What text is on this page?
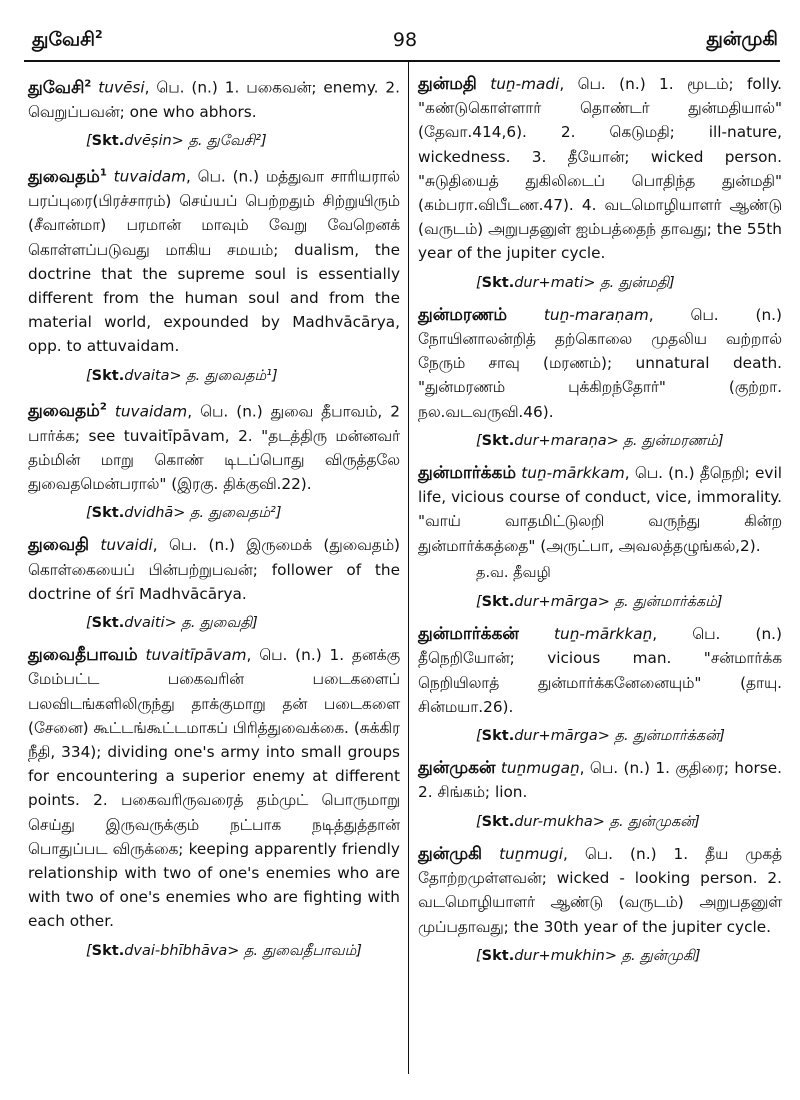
துவேசி$^2$	98	துன்முகி
துவேசி$^2$ tuvēsi, பெ. (n.) 1. பகைவன்; enemy. 2. வெறுப்பவன்; one who abhors.
[Skt.dvēṣin> த. துவேசி²]
துவைதம்$^1$ tuvaidam, பெ. (n.) மத்துவா சாரியரால் பரப்புரை(பிரச்சாரம்) செய்யப் பெற்றதும் சிற்றுயிரும் (சீவான்மா) பரமான் மாவும் வேறு வேறெனக் கொள்ளப்படுவது மாகிய சமயம்; dualism, the doctrine that the supreme soul is essentially different from the human soul and from the material world, expounded by Madhvācārya, opp. to attuvaidam.
[Skt.dvaita> த. துவைதம்¹]
துவைதம்$^2$ tuvaidam, பெ. (n.) துவை தீபாவம், 2 பார்க்க; see tuvaitīpāvam, 2. "தடத்திரு மன்னவர் தம்மின் மாறு கொண் டிடப்பொது விருத்தலே துவைதமென்பரால்" (இரகு. திக்குவி.22).
[Skt.dvidhā> த. துவைதம்²]
துவைதி tuvaidi, பெ. (n.) இருமைக் (துவைதம்) கொள்கையைப் பின்பற்றுபவன்; follower of the doctrine of śrī Madhvācārya.
[Skt.dvaiti> த. துவைதி]
துவைதீபாவம் tuvaitīpāvam, பெ. (n.) 1. தனக்கு மேம்பட்ட பகைவரின் படைகளைப் பலவிடங்களிலிருந்து தாக்குமாறு தன் படைகளை (சேனை) கூட்டங்கூட்டமாகப் பிரித்துவைக்கை. (சுக்கிர நீதி, 334); dividing one's army into small groups for encountering a superior enemy at different points. 2. பகைவரிருவரைத் தம்முட் பொருமாறு செய்து இருவருக்கும் நட்பாக நடித்துத்தான் பொதுப்பட விருக்கை; keeping apparently friendly relationship with two of one's enemies who are with two of one's enemies who are fighting with each other.
[Skt.dvai-bhībhāva> த. துவைதீபாவம்]
துன்மதி tuṉ-madi, பெ. (n.) 1. மூடம்; folly. "கண்டுகொள்ளார் தொண்டர் துன்மதியால்" (தேவா.414,6). 2. கெடுமதி; ill-nature, wickedness. 3. தீயோன்; wicked person. "சுடுதியைத் துகிலிடைப் பொதிந்த துன்மதி" (கம்பரா.விபீடண.47). 4. வடமொழியாளர் ஆண்டு (வருடம்) அறுபதனுள் ஐம்பத்தைந் தாவது; the 55th year of the jupiter cycle.
[Skt.dur+mati> த. துன்மதி]
துன்மரணம் tuṉ-maraṇam, பெ. (n.) நோயினாலன்றித் தற்கொலை முதலிய வற்றால் நேரும் சாவு (மரணம்); unnatural death. "துன்மரணம் புக்கிறந்தோர்" (குற்றா. நல.வடவருவி.46).
[Skt.dur+maraṇa> த. துன்மரணம்]
துன்மார்க்கம் tuṉ-mārkkam, பெ. (n.) தீநெறி; evil life, vicious course of conduct, vice, immorality. "வாய் வாதமிட்டுலறி வருந்து கின்ற துன்மார்க்கத்தை" (அருட்பா, அவலத்தழுங்கல்,2).
த.வ. தீவழி
[Skt.dur+mārga> த. துன்மார்க்கம்]
துன்மார்க்கன் tuṉ-mārkkaṉ, பெ. (n.) தீநெறியோன்; vicious man. "சன்மார்க்க நெறியிலாத் துன்மார்க்கனேனையும்" (தாயு. சின்மயா.26).
[Skt.dur+mārga> த. துன்மார்க்கன்]
துன்முகன் tuṉmugaṉ, பெ. (n.) 1. குதிரை; horse. 2. சிங்கம்; lion.
[Skt.dur-mukha> த. துன்முகன்]
துன்முகி tuṉmugi, பெ. (n.) 1. தீய முகத் தோற்றமுள்ளவன்; wicked - looking person. 2. வடமொழியாளர் ஆண்டு (வருடம்) அறுபதனுள் முப்பதாவது; the 30th year of the jupiter cycle.
[Skt.dur+mukhin> த. துன்முகி]
